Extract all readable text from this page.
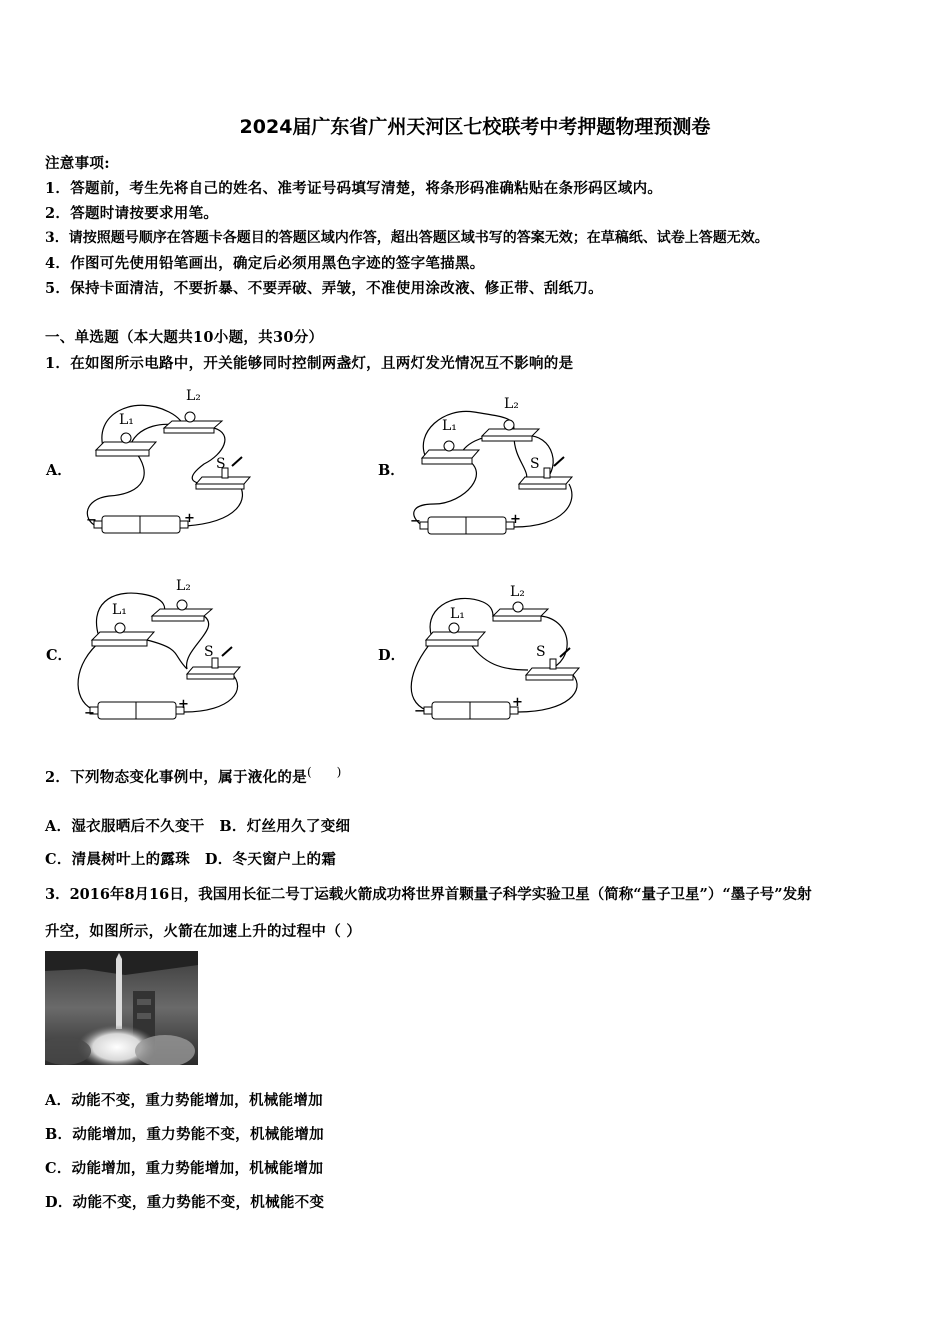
2024届广东省广州天河区七校联考中考押题物理预测卷
注意事项:
1．答题前，考生先将自己的姓名、准考证号码填写清楚，将条形码准确粘贴在条形码区域内。
2．答题时请按要求用笔。
3．请按照题号顺序在答题卡各题目的答题区域内作答，超出答题区域书写的答案无效；在草稿纸、试卷上答题无效。
4．作图可先使用铅笔画出，确定后必须用黑色字迹的签字笔描黑。
5．保持卡面清洁，不要折暴、不要弄破、弄皱，不准使用涂改液、修正带、刮纸刀。
一、单选题（本大题共10小题，共30分）
1．在如图所示电路中，开关能够同时控制两盏灯，且两灯发光情况互不影响的是
A．	B．
C．	D．
L₁
L₂
S
−	+
L₁
L₂
S
−	+
L₁
L₂
S
−
+
L₁
L₂
S
−
+
2．下列物态变化事例中，属于液化的是(　　)
A．湿衣服晒后不久变干　B．灯丝用久了变细
C．清晨树叶上的露珠　D．冬天窗户上的霜
3．2016年8月16日，我国用长征二号丁运载火箭成功将世界首颗量子科学实验卫星（简称“量子卫星”）“墨子号”发射
升空，如图所示，火箭在加速上升的过程中（ ）
A．动能不变，重力势能增加，机械能增加
B．动能增加，重力势能不变，机械能增加
C．动能增加，重力势能增加，机械能增加
D．动能不变，重力势能不变，机械能不变
